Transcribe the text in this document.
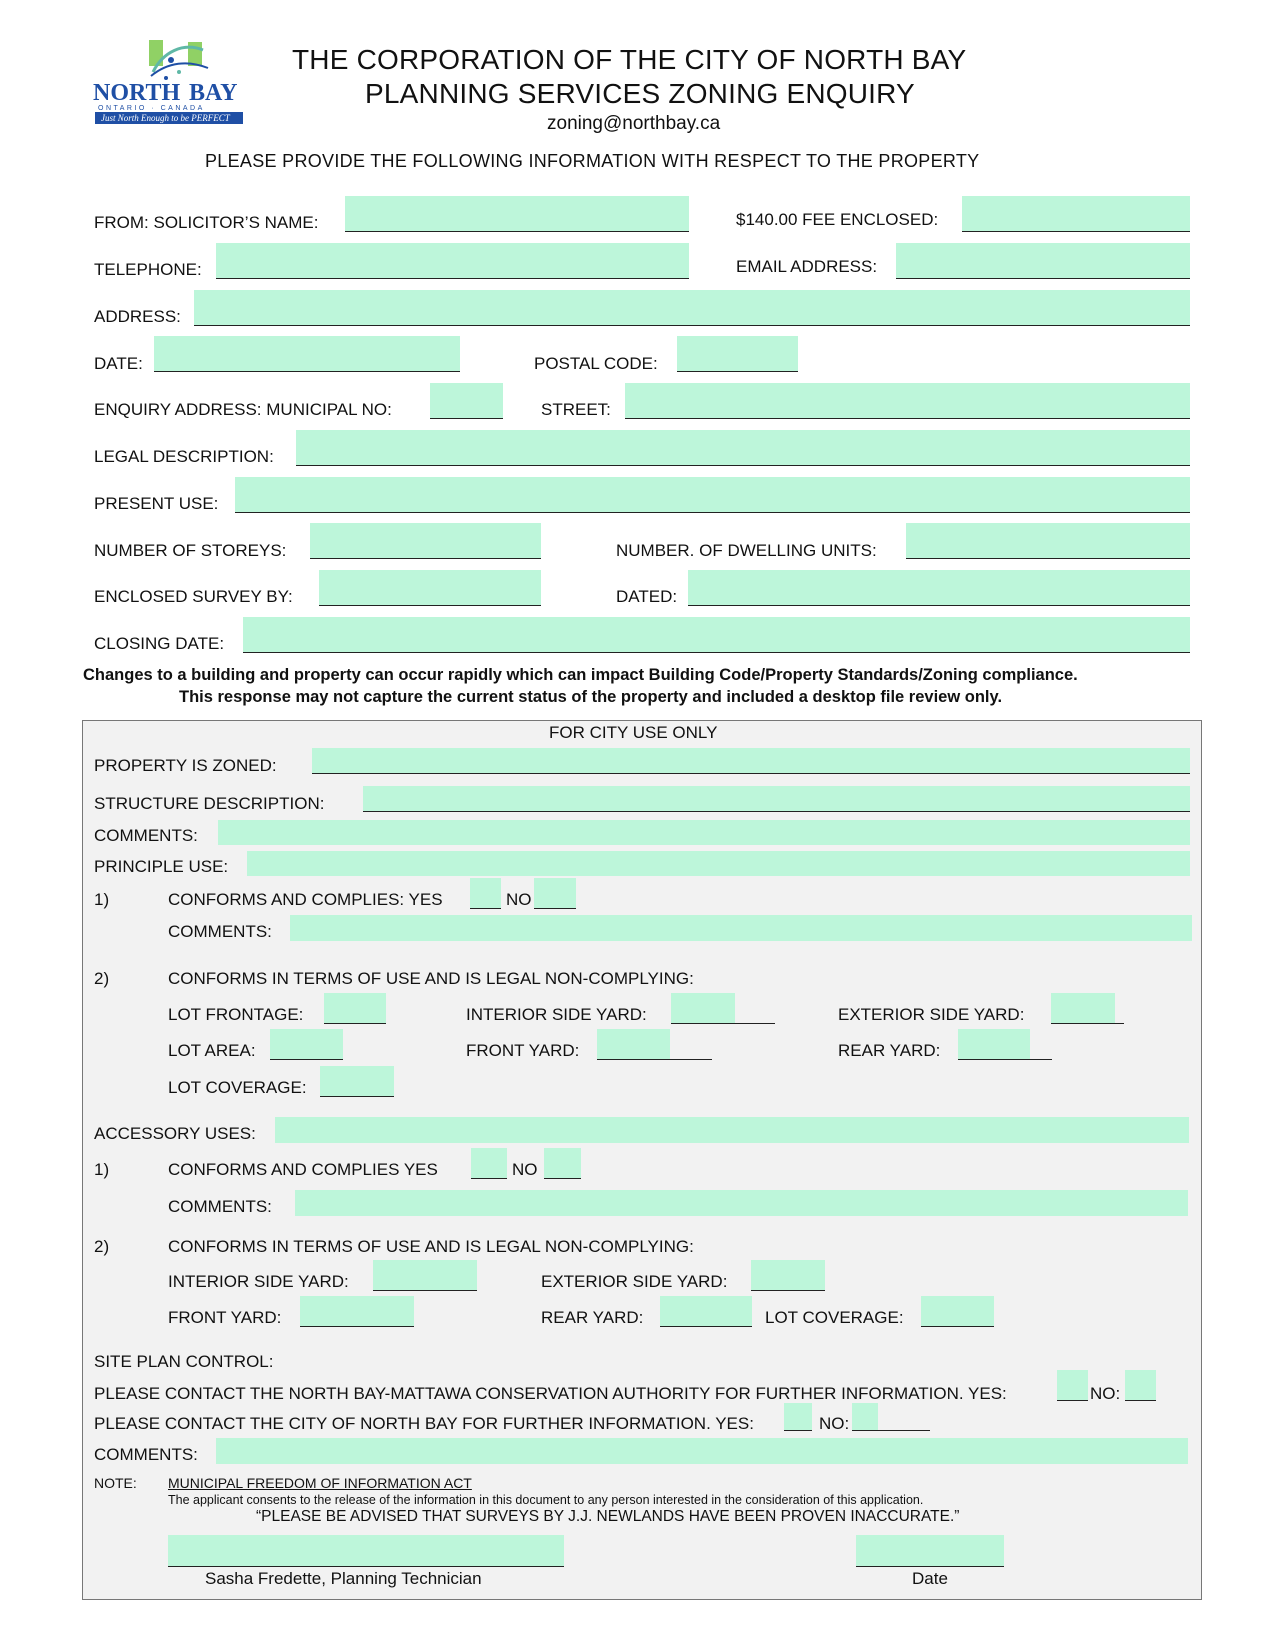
NORTH BAY
ONTARIO · CANADA
Just North Enough to be PERFECT
THE CORPORATION OF THE CITY OF NORTH BAY
PLANNING SERVICES ZONING ENQUIRY
zoning@northbay.ca
PLEASE PROVIDE THE FOLLOWING INFORMATION WITH RESPECT TO THE PROPERTY
FROM: SOLICITOR’S NAME:	$140.00 FEE ENCLOSED:
TELEPHONE:	EMAIL ADDRESS:
ADDRESS:
DATE:	POSTAL CODE:
ENQUIRY ADDRESS: MUNICIPAL NO:	STREET:
LEGAL DESCRIPTION:
PRESENT USE:
NUMBER OF STOREYS:	NUMBER. OF DWELLING UNITS:
ENCLOSED SURVEY BY:	DATED:
CLOSING DATE:
Changes to a building and property can occur rapidly which can impact Building Code/Property Standards/Zoning compliance.
This response may not capture the current status of the property and included a desktop file review only.
FOR CITY USE ONLY
PROPERTY IS ZONED:
STRUCTURE DESCRIPTION:
COMMENTS:
PRINCIPLE USE:
1)	CONFORMS AND COMPLIES: YES	NO
COMMENTS:
2)	CONFORMS IN TERMS OF USE AND IS LEGAL NON-COMPLYING:
LOT FRONTAGE:	INTERIOR SIDE YARD:	EXTERIOR SIDE YARD:
LOT AREA:	FRONT YARD:	REAR YARD:
LOT COVERAGE:
ACCESSORY USES:
1)	CONFORMS AND COMPLIES YES	NO
COMMENTS:
2)	CONFORMS IN TERMS OF USE AND IS LEGAL NON-COMPLYING:
INTERIOR SIDE YARD:	EXTERIOR SIDE YARD:
FRONT YARD:	REAR YARD:	LOT COVERAGE:
SITE PLAN CONTROL:
PLEASE CONTACT THE NORTH BAY-MATTAWA CONSERVATION AUTHORITY FOR FURTHER INFORMATION. YES:	NO:
PLEASE CONTACT THE CITY OF NORTH BAY FOR FURTHER INFORMATION. YES:	NO:
COMMENTS:
NOTE: MUNICIPAL FREEDOM OF INFORMATION ACT
The applicant consents to the release of the information in this document to any person interested in the consideration of this application.
“PLEASE BE ADVISED THAT SURVEYS BY J.J. NEWLANDS HAVE BEEN PROVEN INACCURATE.”
Sasha Fredette, Planning Technician	Date
